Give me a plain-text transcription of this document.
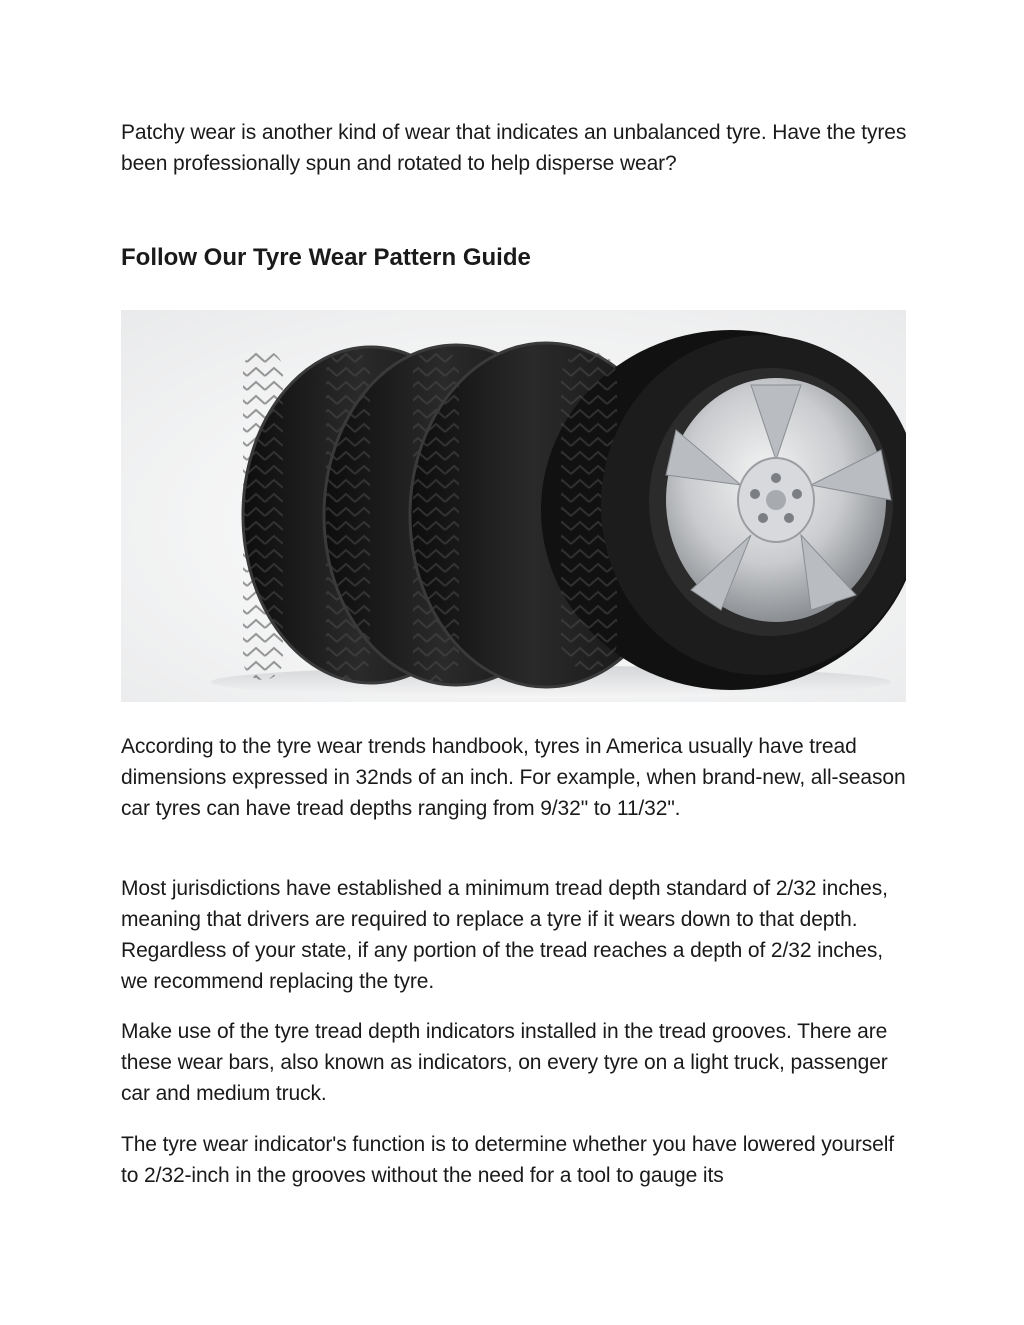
Patchy wear is another kind of wear that indicates an unbalanced tyre. Have the tyres been professionally spun and rotated to help disperse wear?

Follow Our Tyre Wear Pattern Guide

According to the tyre wear trends handbook, tyres in America usually have tread dimensions expressed in 32nds of an inch. For example, when brand-new, all-season car tyres can have tread depths ranging from 9/32" to 11/32".

Most jurisdictions have established a minimum tread depth standard of 2/32 inches, meaning that drivers are required to replace a tyre if it wears down to that depth. Regardless of your state, if any portion of the tread reaches a depth of 2/32 inches, we recommend replacing the tyre.

Make use of the tyre tread depth indicators installed in the tread grooves. There are these wear bars, also known as indicators, on every tyre on a light truck, passenger car and medium truck.

The tyre wear indicator's function is to determine whether you have lowered yourself to 2/32-inch in the grooves without the need for a tool to gauge its
